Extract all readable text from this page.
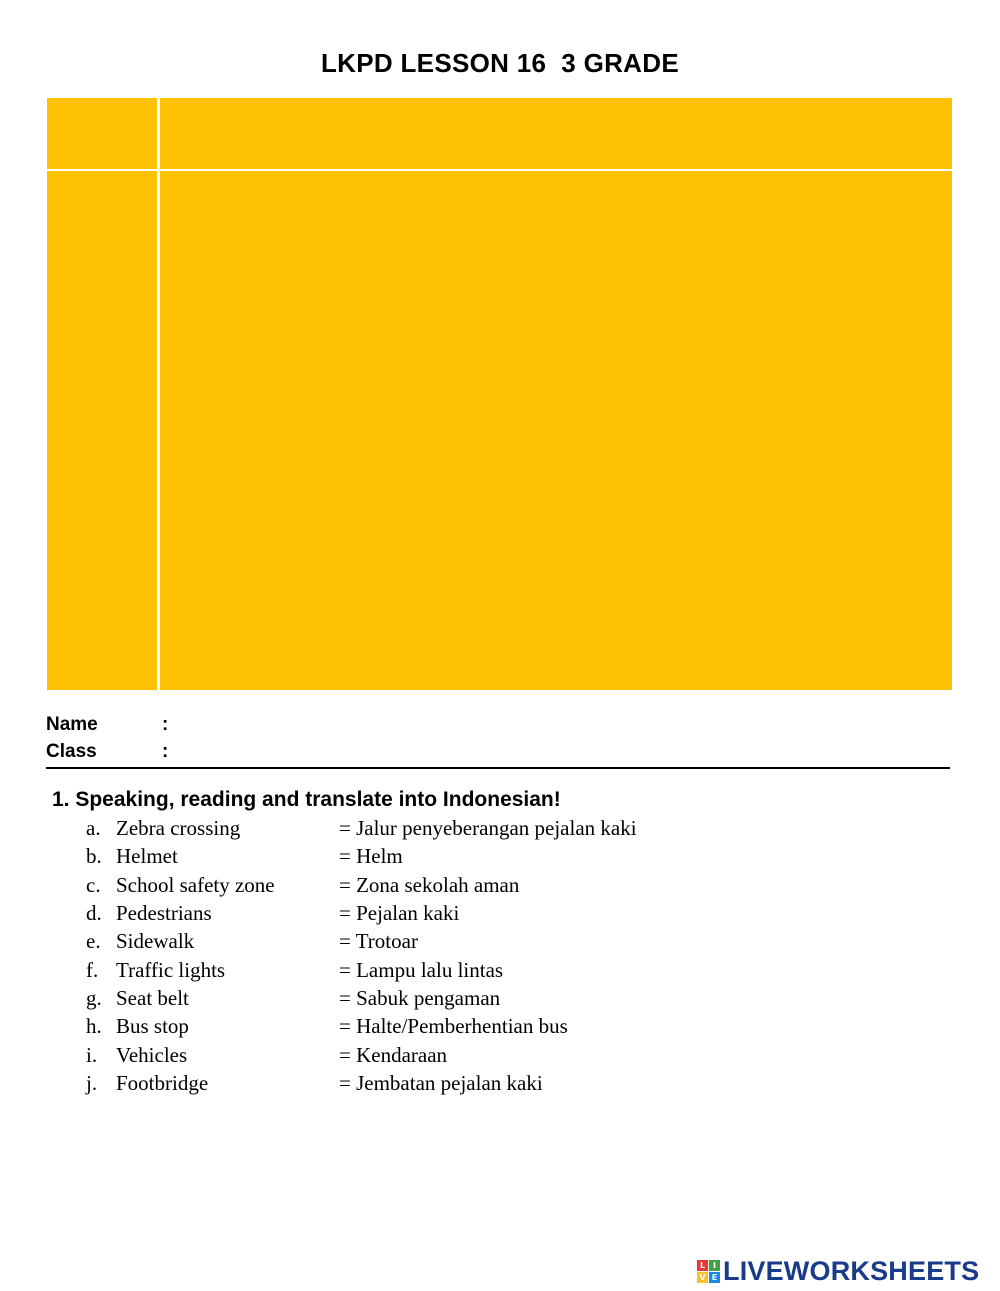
LKPD LESSON 16  3 GRADE
Name	:
Class	:
1. Speaking, reading and translate into Indonesian!
a. Zebra crossing	= Jalur penyeberangan pejalan kaki
b. Helmet	= Helm
c. School safety zone	= Zona sekolah aman
d. Pedestrians	= Pejalan kaki
e. Sidewalk	= Trotoar
f. Traffic lights	= Lampu lalu lintas
g. Seat belt	= Sabuk pengaman
h. Bus stop	= Halte/Pemberhentian bus
i. Vehicles	= Kendaraan
j. Footbridge	= Jembatan pejalan kaki
L I
V E LIVEWORKSHEETS
